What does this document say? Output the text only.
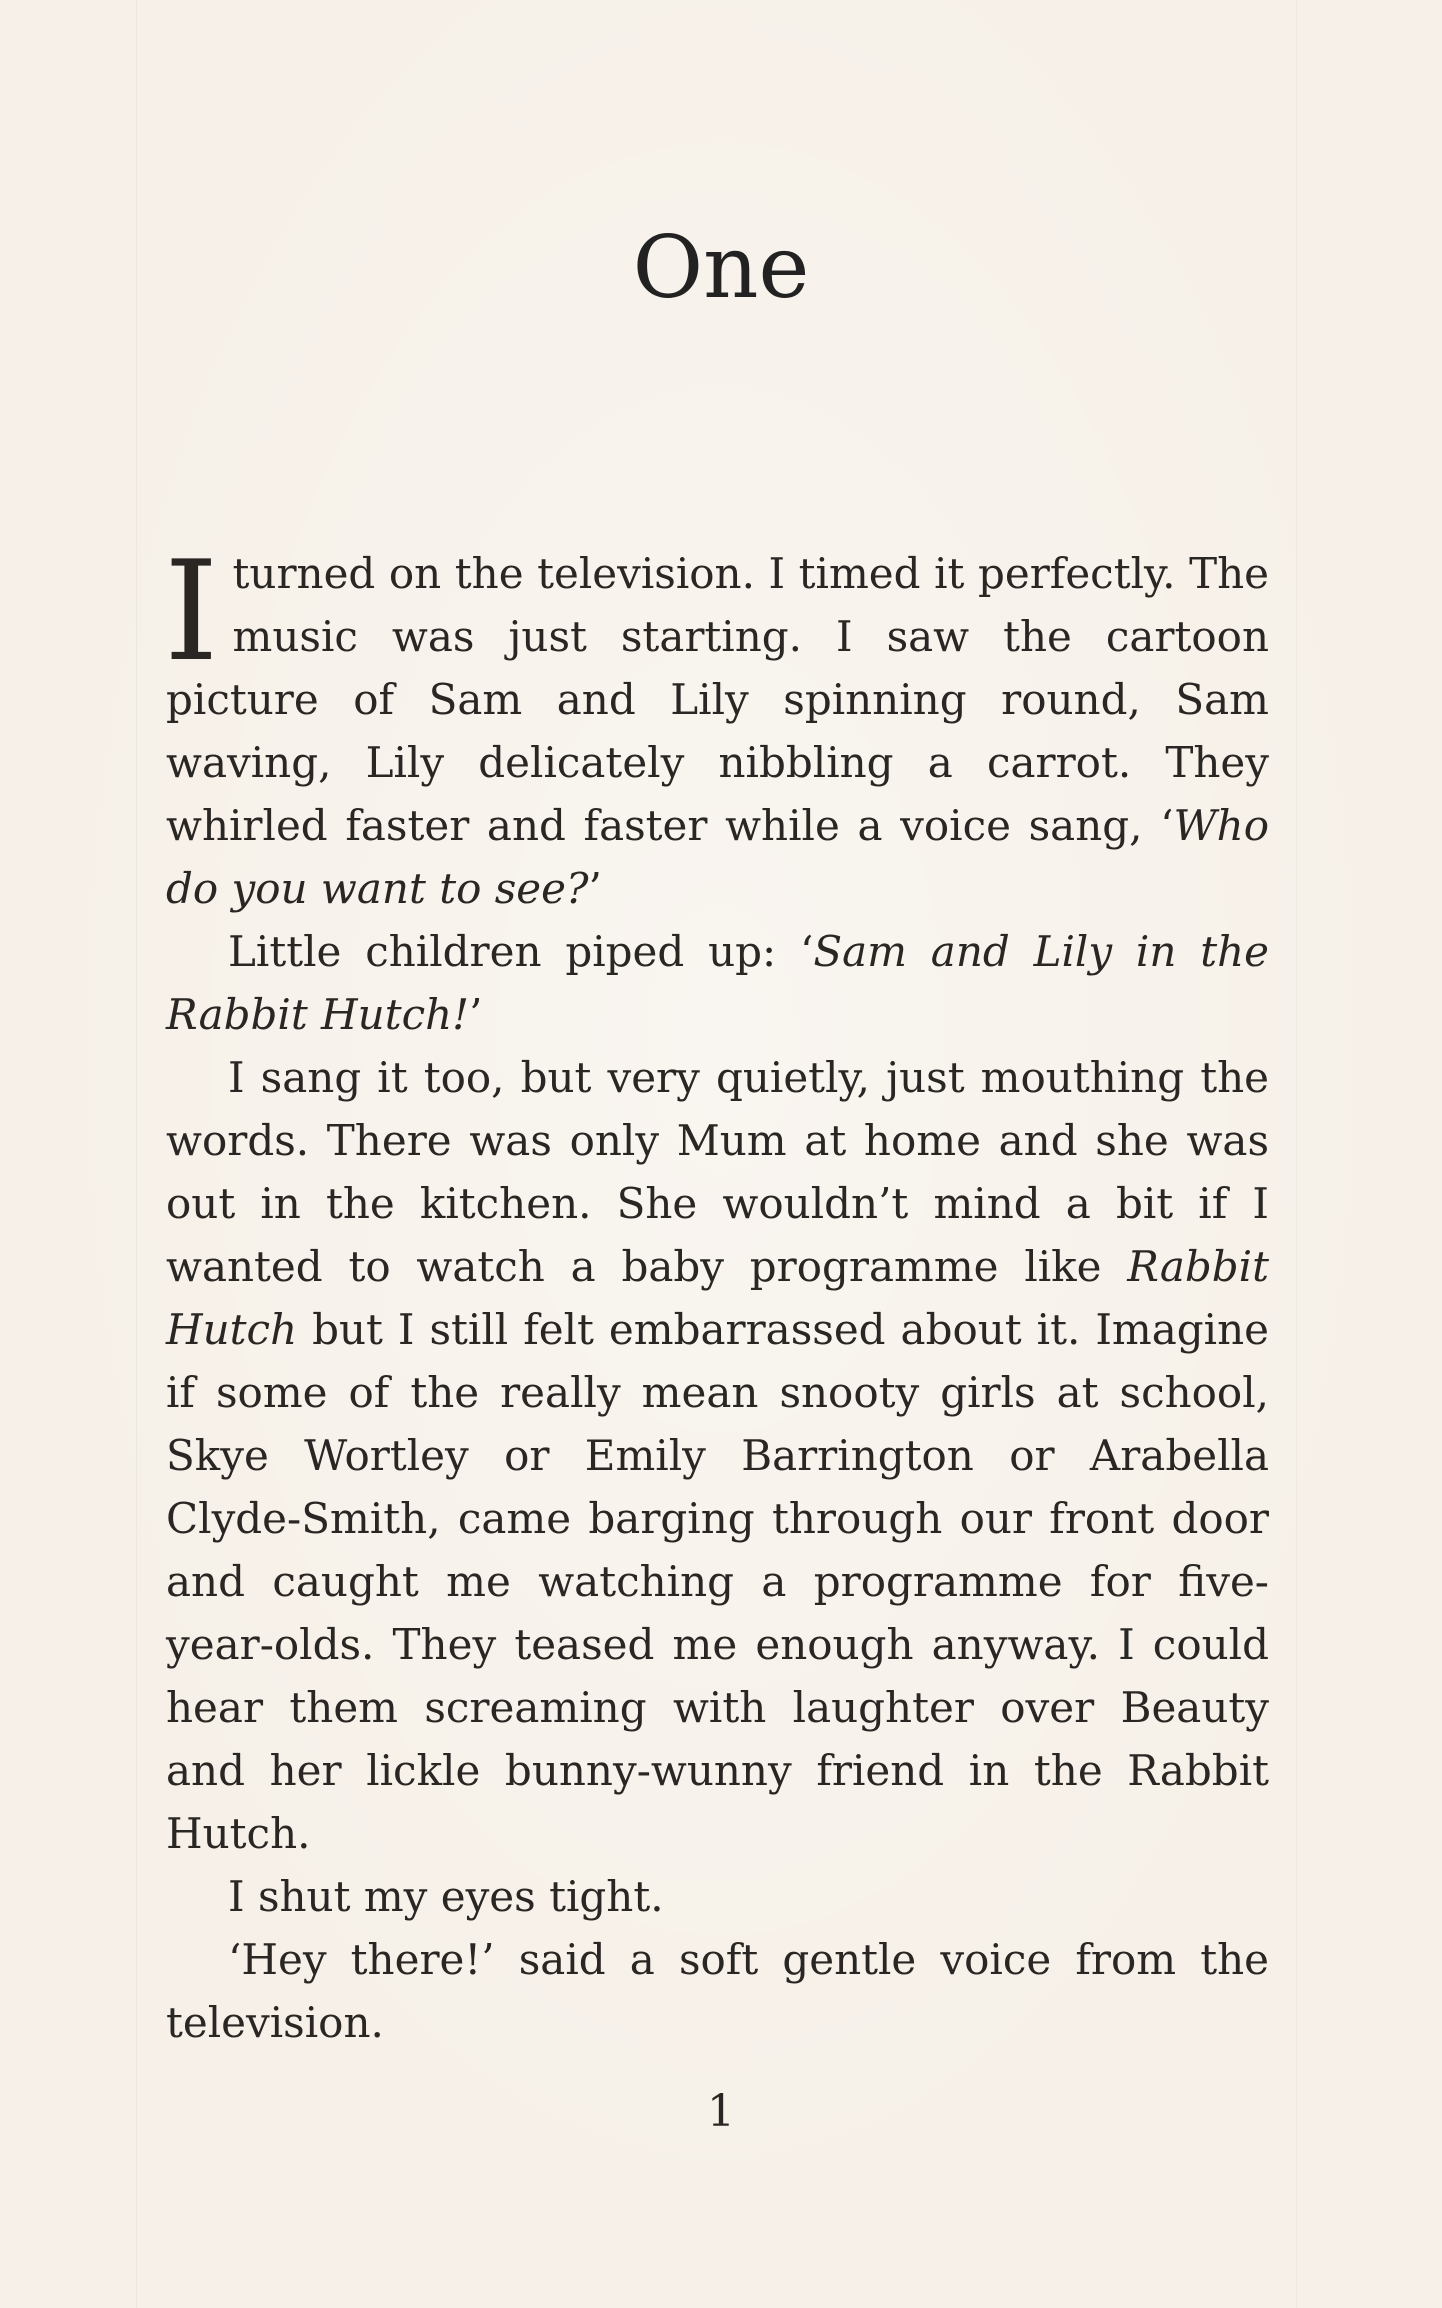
One

I turned on the television. I timed it perfectly. The music was just starting. I saw the cartoon picture of Sam and Lily spinning round, Sam waving, Lily delicately nibbling a carrot. They whirled faster and faster while a voice sang, ‘Who do you want to see?’

Little children piped up: ‘Sam and Lily in the Rabbit Hutch!’

I sang it too, but very quietly, just mouthing the words. There was only Mum at home and she was out in the kitchen. She wouldn’t mind a bit if I wanted to watch a baby programme like Rabbit Hutch but I still felt embarrassed about it. Imagine if some of the really mean snooty girls at school, Skye Wortley or Emily Barrington or Arabella Clyde-Smith, came barging through our front door and caught me watching a programme for five-year-olds. They teased me enough anyway. I could hear them screaming with laughter over Beauty and her lickle bunny-wunny friend in the Rabbit Hutch.

I shut my eyes tight.

‘Hey there!’ said a soft gentle voice from the television.

1
